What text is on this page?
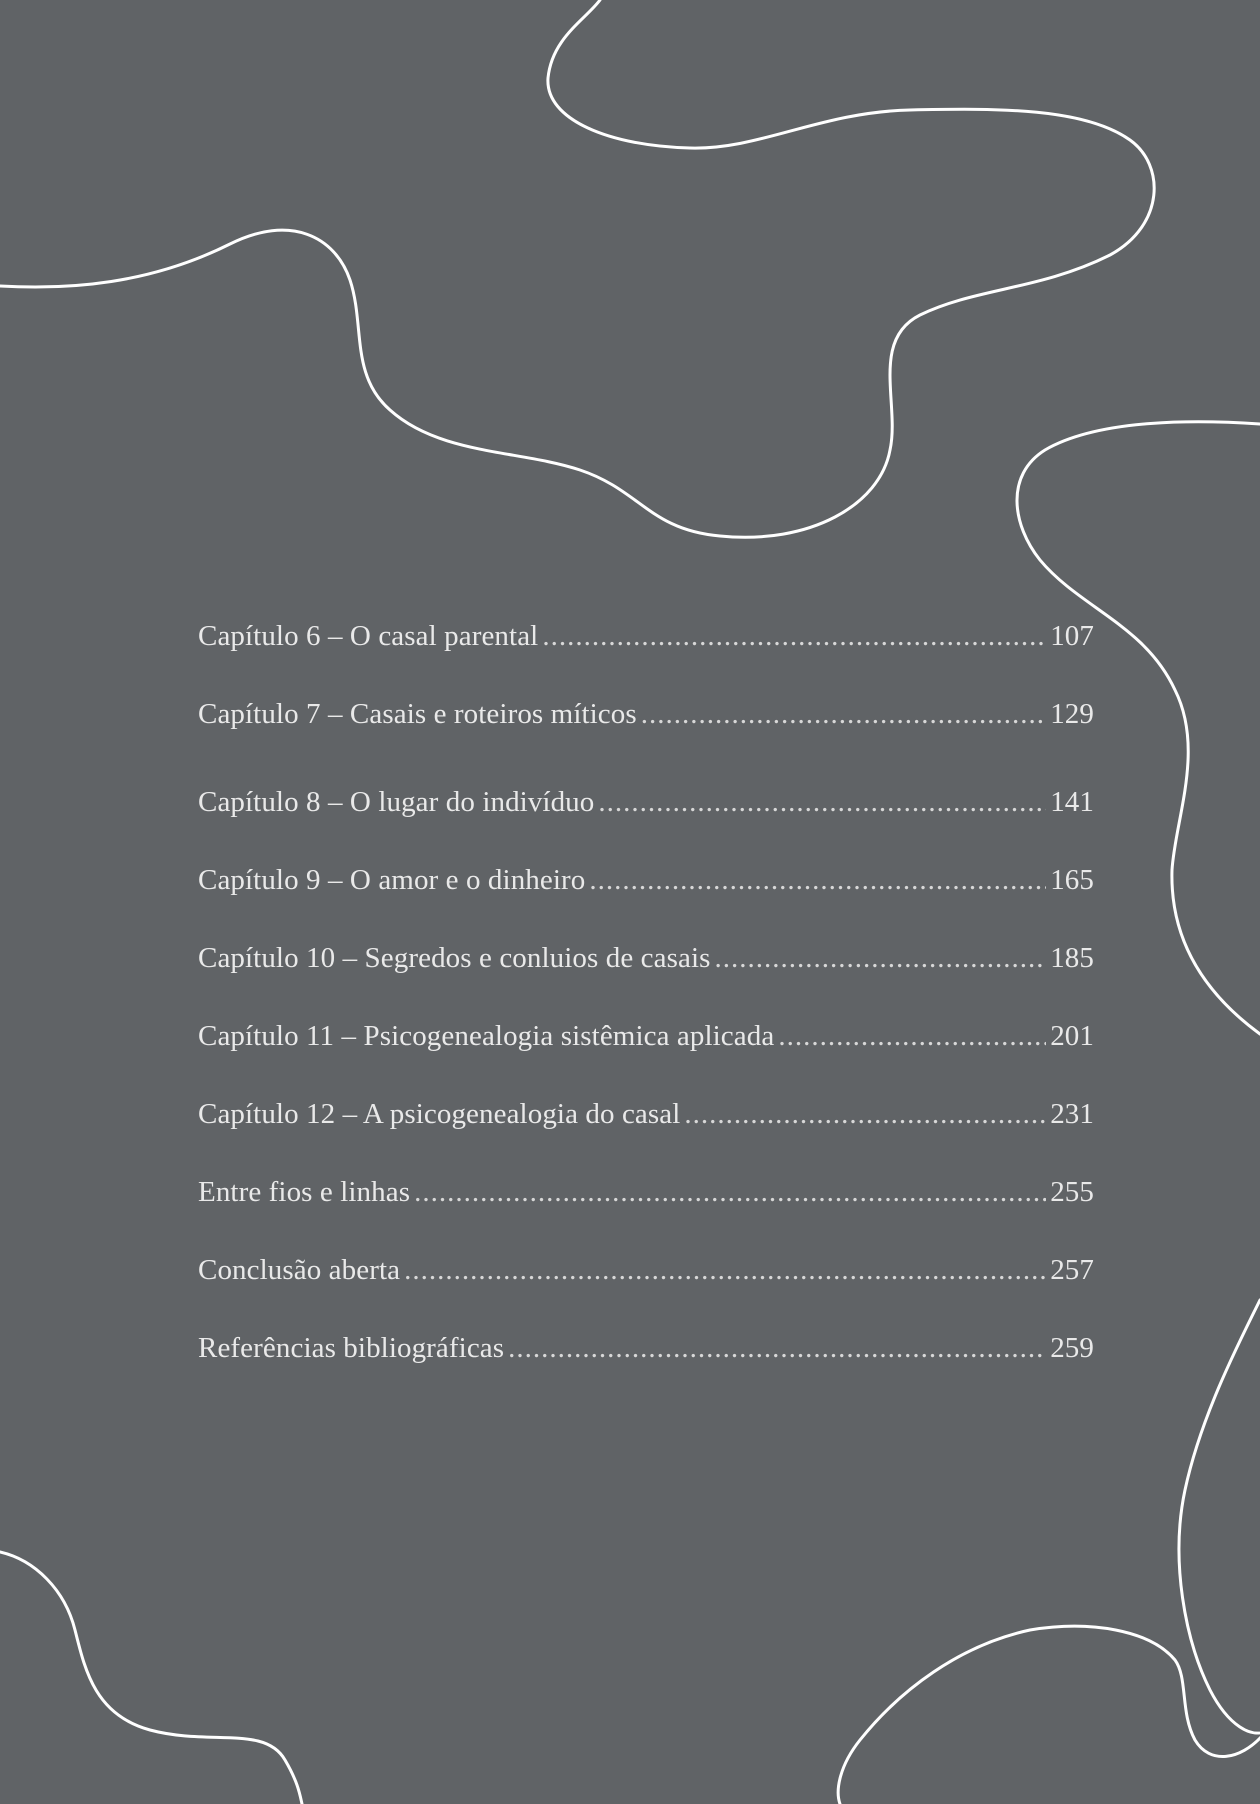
Capítulo 6 – O casal parental .....	107
Capítulo 7 – Casais e roteiros míticos .....	129
Capítulo 8 – O lugar do indivíduo .....	141
Capítulo 9 – O amor e o dinheiro .....	165
Capítulo 10 – Segredos e conluios de casais .....	185
Capítulo 11 – Psicogenealogia sistêmica aplicada .....	201
Capítulo 12 – A psicogenealogia do casal .....	231
Entre fios e linhas .....	255
Conclusão aberta .....	257
Referências bibliográficas .....	259
